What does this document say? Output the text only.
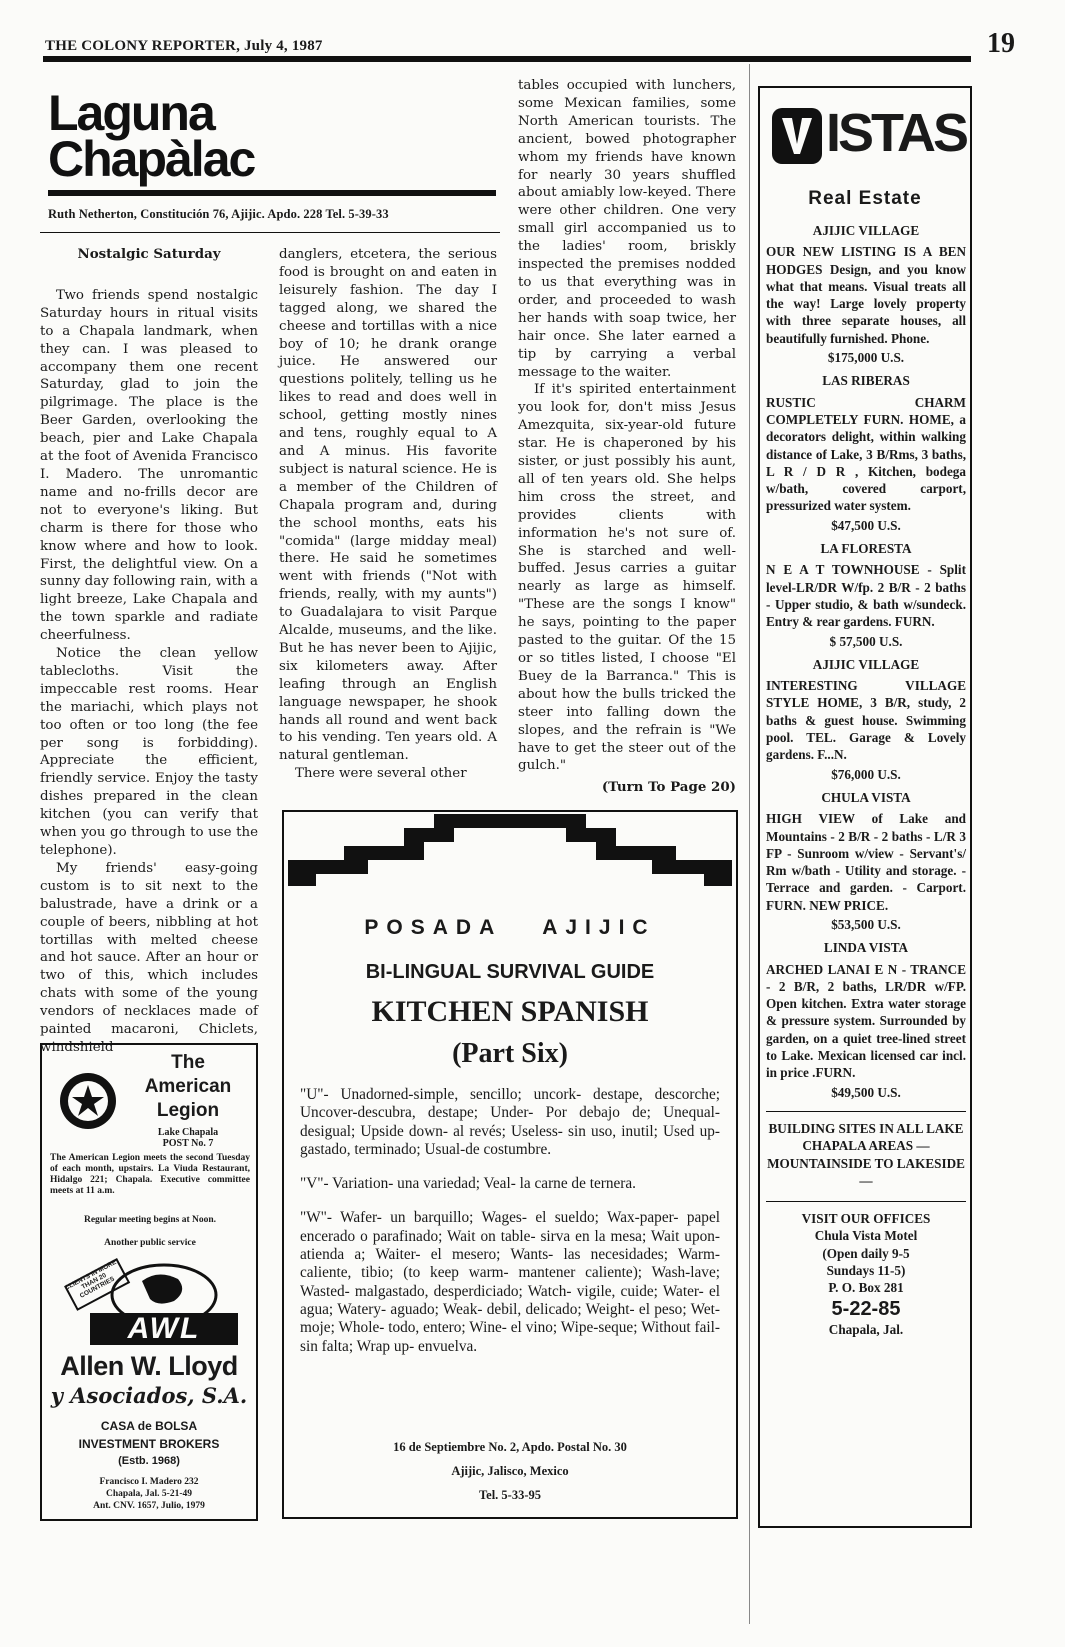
THE COLONY REPORTER, July 4, 1987	19
Laguna
Chapàlac
Ruth Netherton, Constitución 76, Ajijic. Apdo. 228 Tel. 5-39-33
Nostalgic Saturday

Two friends spend nostalgic Saturday hours in ritual visits to a Chapala landmark, when they can. I was pleased to accompany them one recent Saturday, glad to join the pilgrimage. The place is the Beer Garden, overlooking the beach, pier and Lake Chapala at the foot of Avenida Francisco I. Madero. The unromantic name and no-frills decor are not to everyone's liking. But charm is there for those who know where and how to look. First, the delightful view. On a sunny day following rain, with a light breeze, Lake Chapala and the town sparkle and radiate cheerfulness.

Notice the clean yellow tablecloths. Visit the impeccable rest rooms. Hear the mariachi, which plays not too often or too long (the fee per song is forbidding). Appreciate the efficient, friendly service. Enjoy the tasty dishes prepared in the clean kitchen (you can verify that when you go through to use the telephone).

My friends' easy-going custom is to sit next to the balustrade, have a drink or a couple of beers, nibbling at hot tortillas with melted cheese and hot sauce. After an hour or two of this, which includes chats with some of the young vendors of necklaces made of painted macaroni, Chiclets, windshield

danglers, etcetera, the serious food is brought on and eaten in leisurely fashion. The day I tagged along, we shared the cheese and tortillas with a nice boy of 10; he drank orange juice. He answered our questions politely, telling us he likes to read and does well in school, getting mostly nines and tens, roughly equal to A and A minus. His favorite subject is natural science. He is a member of the Children of Chapala program and, during the school months, eats his "comida" (large midday meal) there. He said he sometimes went with friends ("Not with friends, really, with my aunts") to Guadalajara to visit Parque Alcalde, museums, and the like. But he has never been to Ajijic, six kilometers away. After leafing through an English language newspaper, he shook hands all round and went back to his vending. Ten years old. A natural gentleman.

There were several other

tables occupied with lunchers, some Mexican families, some North American tourists. The ancient, bowed photographer whom my friends have known for nearly 30 years shuffled about amiably low-keyed. There were other children. One very small girl accompanied us to the ladies' room, briskly inspected the premises nodded to us that everything was in order, and proceeded to wash her hands with soap twice, her hair once. She later earned a tip by carrying a verbal message to the waiter.

If it's spirited entertainment you look for, don't miss Jesus Amezquita, six-year-old future star. He is chaperoned by his sister, or just possibly his aunt, all of ten years old. She helps him cross the street, and provides clients with information he's not sure of. She is starched and well-buffed. Jesus carries a guitar nearly as large as himself. "These are the songs I know" he says, pointing to the paper pasted to the guitar. Of the 15 or so titles listed, I choose "El Buey de la Barranca." This is about how the bulls tricked the steer into falling down the slopes, and the refrain is "We have to get the steer out of the gulch."

(Turn To Page 20)
ISTAS
Real Estate
AJIJIC VILLAGE
OUR NEW LISTING IS A BEN HODGES Design, and you know what that means. Visual treats all the way! Large lovely property with three separate houses, all beautifully furnished. Phone.
$175,000 U.S.
LAS RIBERAS
RUSTIC CHARM COMPLETELY FURN. HOME, a decorators delight, within walking distance of Lake, 3 B/Rms, 3 baths, L R / D R , Kitchen, bodega w/bath, covered carport, pressurized water system.
$47,500 U.S.
LA FLORESTA
N E A T TOWNHOUSE - Split level-LR/DR W/fp. 2 B/R - 2 baths - Upper studio, & bath w/sundeck. Entry & rear gardens. FURN.
$ 57,500 U.S.
AJIJIC VILLAGE
INTERESTING VILLAGE STYLE HOME, 3 B/R, study, 2 baths & guest house. Swimming pool. TEL. Garage & Lovely gardens. F...N.
$76,000 U.S.
CHULA VISTA
HIGH VIEW of Lake and Mountains - 2 B/R - 2 baths - L/R 3 FP - Sunroom w/view - Servant's/ Rm w/bath - Utility and storage. - Terrace and garden. - Carport. FURN. NEW PRICE.
$53,500 U.S.
LINDA VISTA
ARCHED LANAI E N - TRANCE - 2 B/R, 2 baths, LR/DR w/FP. Open kitchen. Extra water storage & pressure system. Surrounded by garden, on a quiet tree-lined street to Lake. Mexican licensed car incl. in price .FURN.
$49,500 U.S.
BUILDING SITES IN ALL LAKE CHAPALA AREAS — MOUNTAINSIDE TO LAKESIDE —
VISIT OUR OFFICES
Chula Vista Motel
(Open daily 9-5
Sundays 11-5)
P. O. Box 281
5-22-85
Chapala, Jal.
POSADA   AJIJIC
BI-LINGUAL SURVIVAL GUIDE
KITCHEN SPANISH
(Part Six)

"U"- Unadorned-simple, sencillo; uncork- destape, descorche; Uncover-descubra, destape; Under- Por debajo de; Unequal-desigual; Upside down- al revés; Useless- sin uso, inutil; Used up- gastado, terminado; Usual-de costumbre.

"V"- Variation- una variedad; Veal- la carne de ternera.

"W"- Wafer- un barquillo; Wages- el sueldo; Wax-paper- papel encerado o parafinado; Wait on table- sirva en la mesa; Wait upon- atienda a; Waiter- el mesero; Wants- las necesidades; Warm- caliente, tibio; (to keep warm- mantener caliente); Wash-lave; Wasted- malgastado, desperdiciado; Watch- vigile, cuide; Water- el agua; Watery- aguado; Weak- debil, delicado; Weight- el peso; Wet- moje; Whole- todo, entero; Wine- el vino; Wipe-seque; Without fail- sin falta; Wrap up- envuelva.

16 de Septiembre No. 2, Apdo. Postal No. 30
Ajijic, Jalisco, Mexico
Tel. 5-33-95
The
American
Legion
Lake Chapala
POST No. 7
The American Legion meets the second Tuesday of each month, upstairs. La Viuda Restaurant, Hidalgo 221; Chapala. Executive committee meets at 11 a.m.
Regular meeting begins at Noon.
Another public service
CLIENTS IN MORE THAN 20 COUNTRIES
AWL
Allen W. Lloyd
y Asociados, S.A.
CASA de BOLSA
INVESTMENT BROKERS
(Estb. 1968)
Francisco I. Madero 232
Chapala, Jal. 5-21-49
Ant. CNV. 1657, Julio, 1979
